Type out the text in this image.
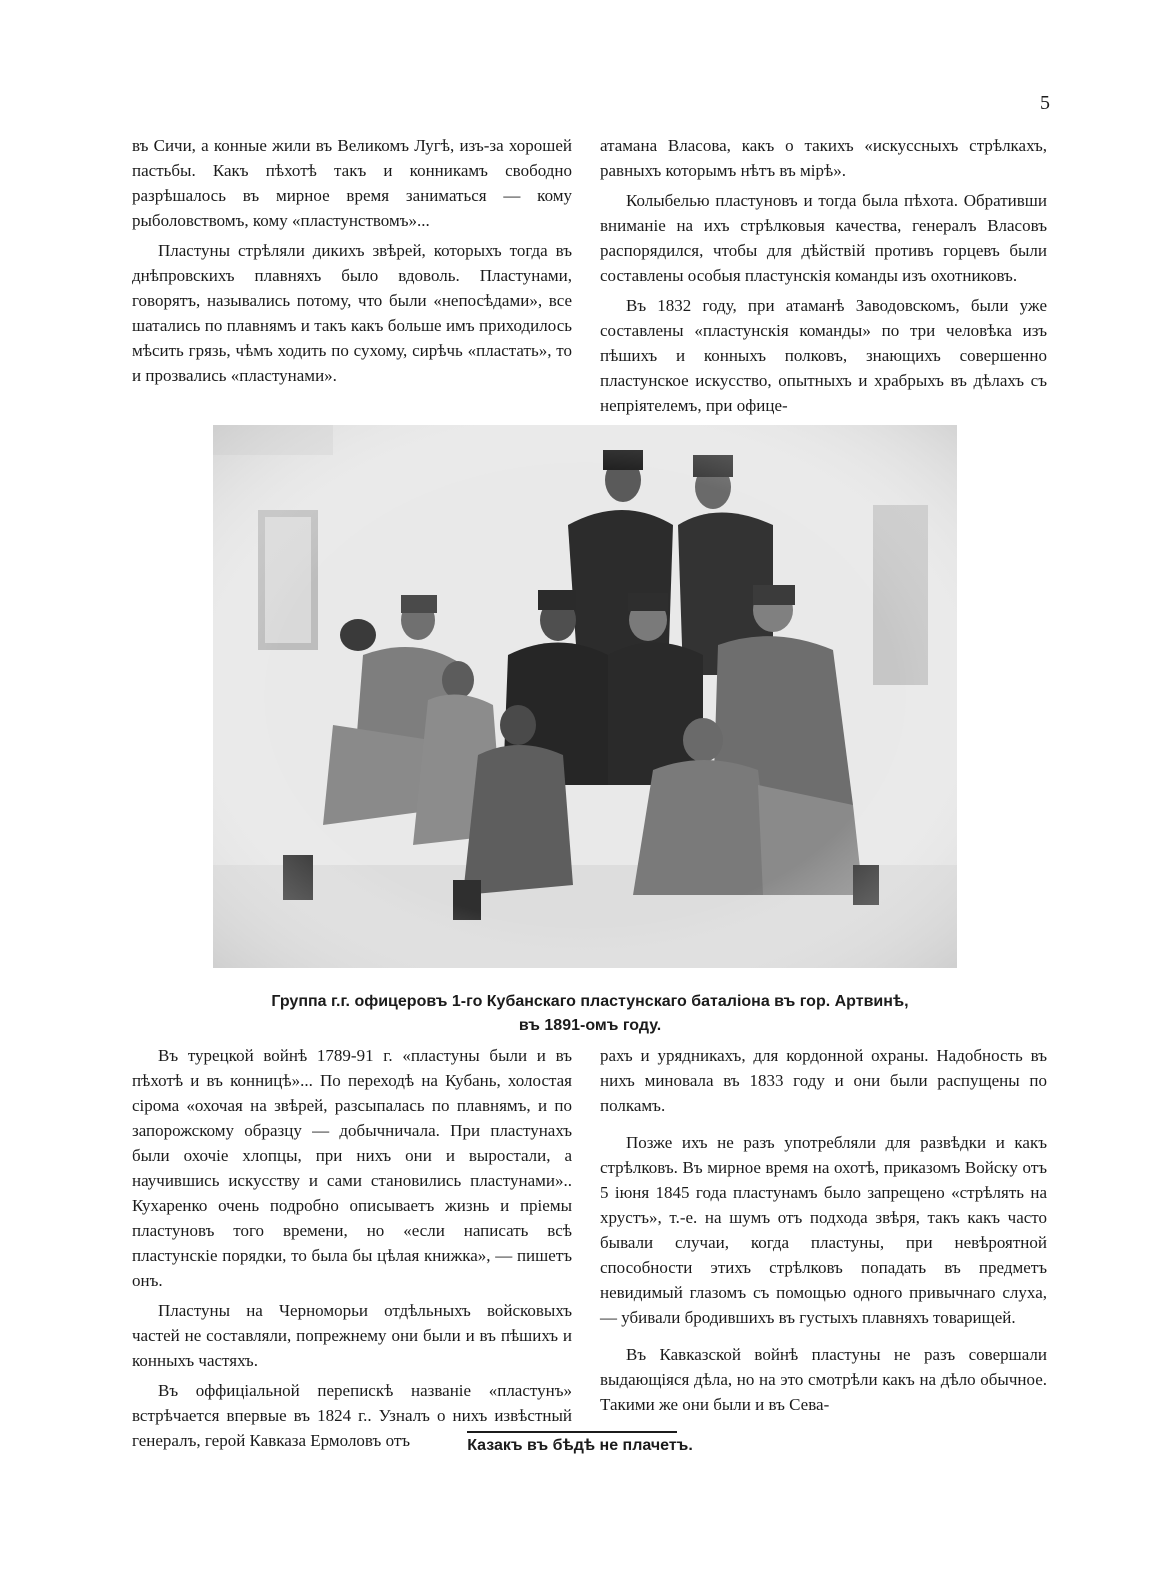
5

въ Сичи, а конные жили въ Великомъ Лугѣ, изъ-за хорошей пастьбы. Какъ пѣхотѣ такъ и конникамъ свободно разрѣшалось въ мирное время заниматься — кому рыболовствомъ, кому «пластунствомъ»...

Пластуны стрѣляли дикихъ звѣрей, которыхъ тогда въ днѣпровскихъ плавняхъ было вдоволь. Пластунами, говорятъ, назывались потому, что были «непосѣдами», все шатались по плавнямъ и такъ какъ больше имъ приходилось мѣсить грязь, чѣмъ ходить по сухому, сирѣчь «пластать», то и прозвались «пластунами».

атамана Власова, какъ о такихъ «искуссныхъ стрѣлкахъ, равныхъ которымъ нѣтъ въ мірѣ».

Колыбелью пластуновъ и тогда была пѣхота. Обративши вниманіе на ихъ стрѣлковыя качества, генералъ Власовъ распорядился, чтобы для дѣйствій противъ горцевъ были составлены особыя пластунскія команды изъ охотниковъ.

Въ 1832 году, при атаманѣ Заводовскомъ, были уже составлены «пластунскія команды» по три человѣка изъ пѣшихъ и конныхъ полковъ, знающихъ совершенно пластунское искусство, опытныхъ и храбрыхъ въ дѣлахъ съ непріятелемъ, при офице-

Группа г.г. офицеровъ 1-го Кубанскаго пластунскаго баталіона въ гор. Артвинѣ,
въ 1891-омъ году.

Въ турецкой войнѣ 1789-91 г. «пластуны были и въ пѣхотѣ и въ конницѣ»... По переходѣ на Кубань, холостая сірома «охочая на звѣрей, разсыпалась по плавнямъ, и по запорожскому образцу — добычничала. При пластунахъ были охочіе хлопцы, при нихъ они и выростали, а научившись искусству и сами становились пластунами».. Кухаренко очень подробно описываетъ жизнь и пріемы пластуновъ того времени, но «если написать всѣ пластунскіе порядки, то была бы цѣлая книжка», — пишетъ онъ.

Пластуны на Черноморьи отдѣльныхъ войсковыхъ частей не составляли, попрежнему они были и въ пѣшихъ и конныхъ частяхъ.

Въ оффиціальной перепискѣ названіе «пластунъ» встрѣчается впервые въ 1824 г.. Узналъ о нихъ извѣстный генералъ, герой Кавказа Ермоловъ отъ

рахъ и урядникахъ, для кордонной охраны. Надобность въ нихъ миновала въ 1833 году и они были распущены по полкамъ.

Позже ихъ не разъ употребляли для развѣдки и какъ стрѣлковъ. Въ мирное время на охотѣ, приказомъ Войску отъ 5 іюня 1845 года пластунамъ было запрещено «стрѣлять на хрустъ», т.-е. на шумъ отъ подхода звѣря, такъ какъ часто бывали случаи, когда пластуны, при невѣроятной способности этихъ стрѣлковъ попадать въ предметъ невидимый глазомъ съ помощью одного привычнаго слуха, — убивали бродившихъ въ густыхъ плавняхъ товарищей.

Въ Кавказской войнѣ пластуны не разъ совершали выдающіяся дѣла, но на это смотрѣли какъ на дѣло обычное. Такими же они были и въ Сева-

Казакъ въ бѣдѣ не плачетъ.
